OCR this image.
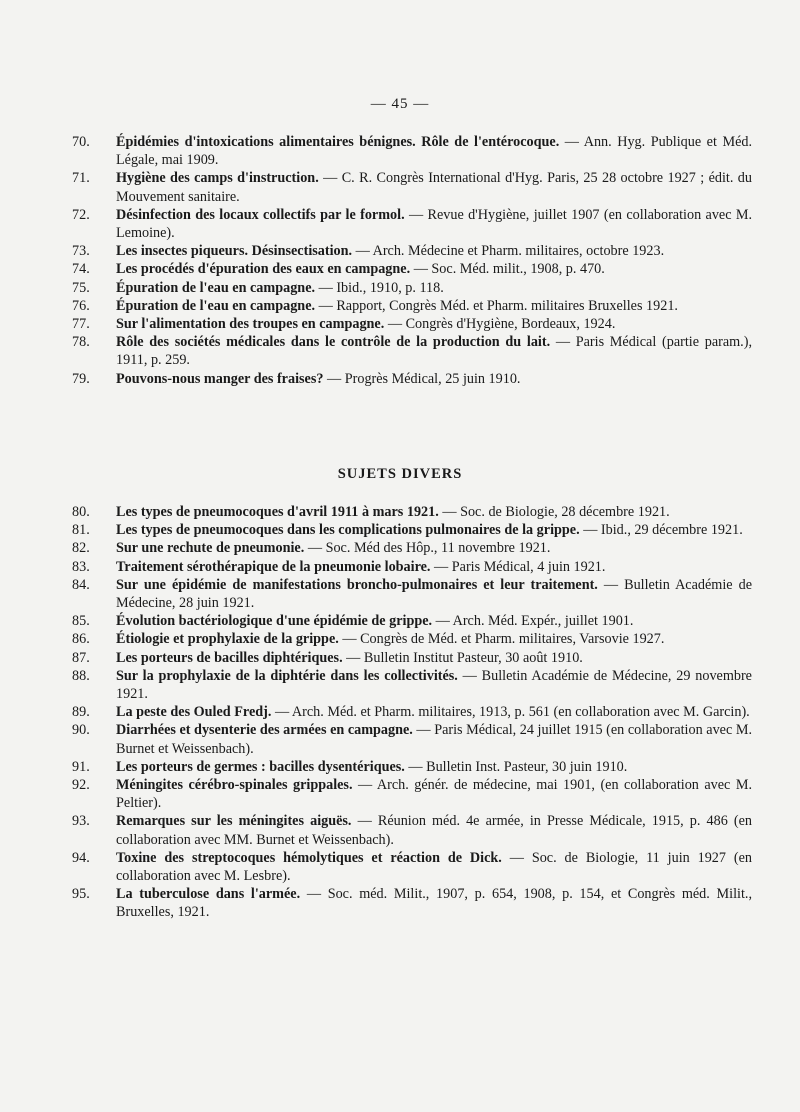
— 45 —

70. Épidémies d'intoxications alimentaires bénignes. Rôle de l'entérocoque. — Ann. Hyg. Publique et Méd. Légale, mai 1909.

71. Hygiène des camps d'instruction. — C. R. Congrès International d'Hyg. Paris, 25 28 octobre 1927 ; édit. du Mouvement sanitaire.

72. Désinfection des locaux collectifs par le formol. — Revue d'Hygiène, juillet 1907 (en collaboration avec M. Lemoine).

73. Les insectes piqueurs. Désinsectisation. — Arch. Médecine et Pharm. militaires, octobre 1923.

74. Les procédés d'épuration des eaux en campagne. — Soc. Méd. milit., 1908, p. 470.

75. Épuration de l'eau en campagne. — Ibid., 1910, p. 118.

76. Épuration de l'eau en campagne. — Rapport, Congrès Méd. et Pharm. militaires Bruxelles 1921.

77. Sur l'alimentation des troupes en campagne. — Congrès d'Hygiène, Bordeaux, 1924.

78. Rôle des sociétés médicales dans le contrôle de la production du lait. — Paris Médical (partie param.), 1911, p. 259.

79. Pouvons-nous manger des fraises? — Progrès Médical, 25 juin 1910.

SUJETS DIVERS

80. Les types de pneumocoques d'avril 1911 à mars 1921. — Soc. de Biologie, 28 décembre 1921.

81. Les types de pneumocoques dans les complications pulmonaires de la grippe. — Ibid., 29 décembre 1921.

82. Sur une rechute de pneumonie. — Soc. Méd des Hôp., 11 novembre 1921.

83. Traitement sérothérapique de la pneumonie lobaire. — Paris Médical, 4 juin 1921.

84. Sur une épidémie de manifestations broncho-pulmonaires et leur traitement. — Bulletin Académie de Médecine, 28 juin 1921.

85. Évolution bactériologique d'une épidémie de grippe. — Arch. Méd. Expér., juillet 1901.

86. Étiologie et prophylaxie de la grippe. — Congrès de Méd. et Pharm. militaires, Varsovie 1927.

87. Les porteurs de bacilles diphtériques. — Bulletin Institut Pasteur, 30 août 1910.

88. Sur la prophylaxie de la diphtérie dans les collectivités. — Bulletin Académie de Médecine, 29 novembre 1921.

89. La peste des Ouled Fredj. — Arch. Méd. et Pharm. militaires, 1913, p. 561 (en collaboration avec M. Garcin).

90. Diarrhées et dysenterie des armées en campagne. — Paris Médical, 24 juillet 1915 (en collaboration avec M. Burnet et Weissenbach).

91. Les porteurs de germes : bacilles dysentériques. — Bulletin Inst. Pasteur, 30 juin 1910.

92. Méningites cérébro-spinales grippales. — Arch. génér. de médecine, mai 1901, (en collaboration avec M. Peltier).

93. Remarques sur les méningites aiguës. — Réunion méd. 4e armée, in Presse Médicale, 1915, p. 486 (en collaboration avec MM. Burnet et Weissenbach).

94. Toxine des streptocoques hémolytiques et réaction de Dick. — Soc. de Biologie, 11 juin 1927 (en collaboration avec M. Lesbre).

95. La tuberculose dans l'armée. — Soc. méd. Milit., 1907, p. 654, 1908, p. 154, et Congrès méd. Milit., Bruxelles, 1921.
